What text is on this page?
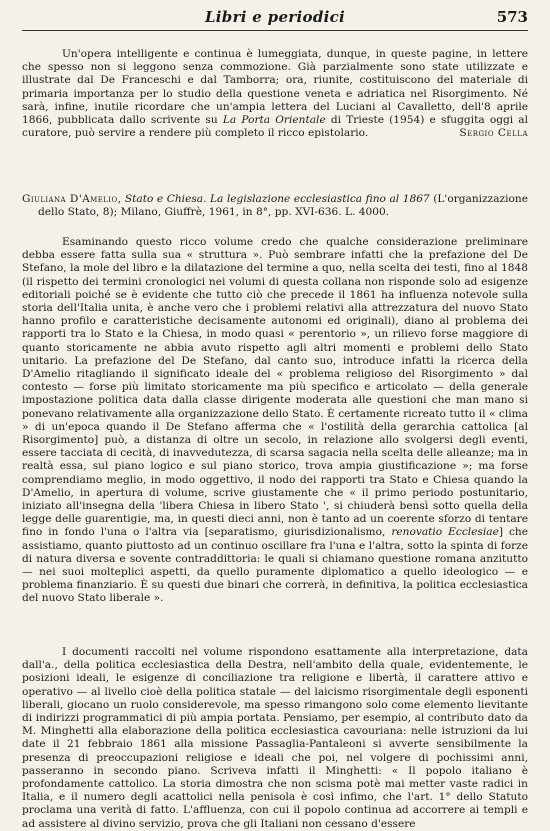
Libri e periodici	573

Un'opera intelligente e continua è lumeggiata, dunque, in queste pagine, in lettere che spesso non si leggono senza commozione. Già parzialmente sono state utilizzate e illustrate dal De Franceschi e dal Tamborra; ora, riunite, costituiscono del materiale di primaria importanza per lo studio della questione veneta e adriatica nel Risorgimento. Né sarà, infine, inutile ricordare che un'ampia lettera del Luciani al Cavalletto, dell'8 aprile 1866, pubblicata dallo scrivente su La Porta Orientale di Trieste (1954) e sfuggita oggi al curatore, può servire a rendere più completo il ricco epistolario.	Sergio Cella

Giuliana D'Amelio, Stato e Chiesa. La legislazione ecclesiastica fino al 1867 (L'organizzazione dello Stato, 8); Milano, Giuffrè, 1961, in 8°, pp. XVI-636. L. 4000.

Esaminando questo ricco volume credo che qualche considerazione preliminare debba essere fatta sulla sua « struttura ». Può sembrare infatti che la prefazione del De Stefano, la mole del libro e la dilatazione del termine a quo, nella scelta dei testi, fino al 1848 (il rispetto dei termini cronologici nei volumi di questa collana non risponde solo ad esigenze editoriali poiché se è evidente che tutto ciò che precede il 1861 ha influenza notevole sulla storia dell'Italia unita, è anche vero che i problemi relativi alla attrezzatura del nuovo Stato hanno profilo e caratteristiche decisamente autonomi ed originali), diano al problema dei rapporti tra lo Stato e la Chiesa, in modo quasi « perentorio », un rilievo forse maggiore di quanto storicamente ne abbia avuto rispetto agli altri momenti e problemi dello Stato unitario. La prefazione del De Stefano, dal canto suo, introduce infatti la ricerca della D'Amelio ritagliando il significato ideale del « problema religioso del Risorgimento » dal contesto — forse più limitato storicamente ma più specifico e articolato — della generale impostazione politica data dalla classe dirigente moderata alle questioni che man mano si ponevano relativamente alla organizzazione dello Stato. È certamente ricreato tutto il « clima » di un'epoca quando il De Stefano afferma che « l'ostilità della gerarchia cattolica [al Risorgimento] può, a distanza di oltre un secolo, in relazione allo svolgersi degli eventi, essere tacciata di cecità, di inavvedutezza, di scarsa sagacia nella scelta delle alleanze; ma in realtà essa, sul piano logico e sul piano storico, trova ampia giustificazione »; ma forse comprendiamo meglio, in modo oggettivo, il nodo dei rapporti tra Stato e Chiesa quando la D'Amelio, in apertura di volume, scrive giustamente che « il primo periodo postunitario, iniziato all'insegna della 'libera Chiesa in libero Stato ', si chiuderà bensì sotto quella della legge delle guarentigie, ma, in questi dieci anni, non è tanto ad un coerente sforzo di tentare fino in fondo l'una o l'altra via [separatismo, giurisdizionalismo, renovatio Ecclesiae] che assistiamo, quanto piuttosto ad un continuo oscillare fra l'una e l'altra, sotto la spinta di forze di natura diversa e sovente contraddittoria: le quali si chiamano questione romana anzitutto — nei suoi molteplici aspetti, da quello puramente diplomatico a quello ideologico — e problema finanziario. È su questi due binari che correrà, in definitiva, la politica ecclesiastica del nuovo Stato liberale ».

I documenti raccolti nel volume rispondono esattamente alla interpretazione, data dall'a., della politica ecclesiastica della Destra, nell'ambito della quale, evidentemente, le posizioni ideali, le esigenze di conciliazione tra religione e libertà, il carattere attivo e operativo — al livello cioè della politica statale — del laicismo risorgimentale degli esponenti liberali, giocano un ruolo considerevole, ma spesso rimangono solo come elemento lievitante di indirizzi programmatici di più ampia portata. Pensiamo, per esempio, al contributo dato da M. Minghetti alla elaborazione della politica ecclesiastica cavouriana: nelle istruzioni da lui date il 21 febbraio 1861 alla missione Passaglia-Pantaleoni si avverte sensibilmente la presenza di preoccupazioni religiose e ideali che poi, nel volgere di pochissimi anni, passeranno in secondo piano. Scriveva infatti il Minghetti: « Il popolo italiano è profondamente cattolico. La storia dimostra che non scisma potè mai metter vaste radici in Italia, e il numero degli acattolici nella penisola è così infimo, che l'art. 1° dello Statuto proclama una verità di fatto. L'affluenza, con cui il popolo continua ad accorrere ai templi e ad assistere al divino servizio, prova che gli Italiani non cessano d'essere
